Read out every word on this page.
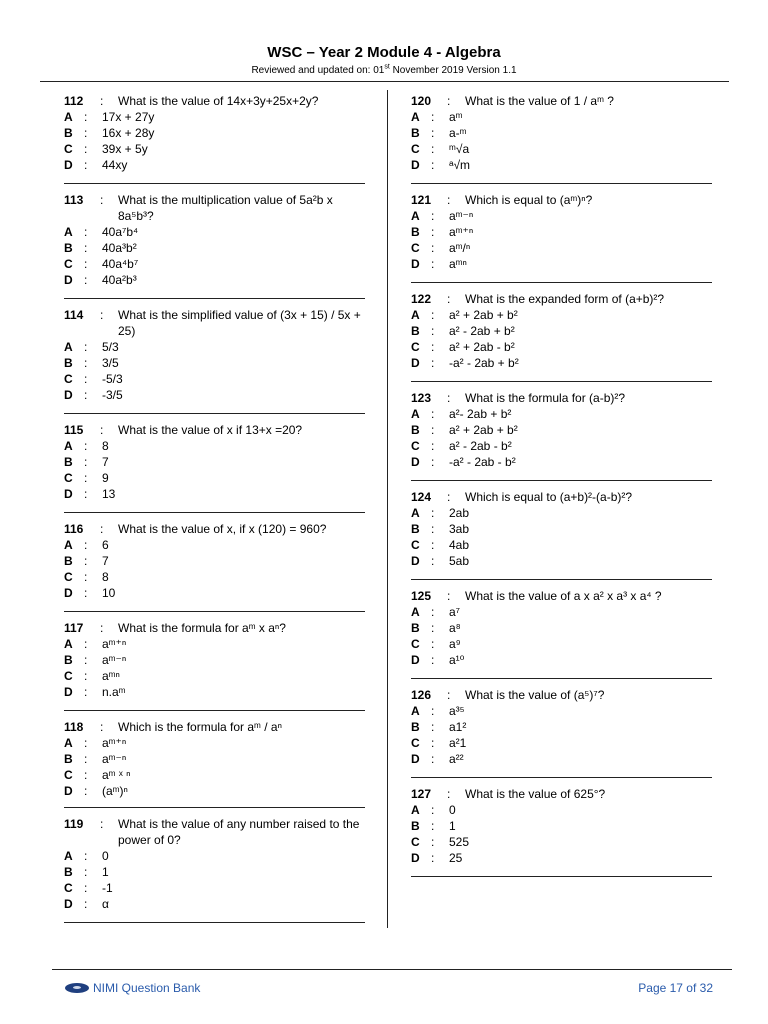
WSC – Year 2 Module 4 - Algebra
Reviewed and updated on: 01st November 2019 Version 1.1
112	:	What is the value of 14x+3y+25x+2y?
A :	17x + 27y
B :	16x + 28y
C :	39x + 5y
D :	44xy
113	:	What is the multiplication value of 5a²b x 8a⁵b³?
A :	40a⁷b⁴
B :	40a³b²
C :	40a⁴b⁷
D :	40a²b³
114	:	What is the simplified value of (3x + 15) / 5x + 25)
A :	5/3
B :	3/5
C :	-5/3
D :	-3/5
115	:	What is the value of x if 13+x =20?
A :	8
B :	7
C :	9
D :	13
116	:	What is the value of x, if x (120) = 960?
A :	6
B :	7
C :	8
D :	10
117	:	What is the formula for aᵐ x aⁿ?
A :	aᵐ⁺ⁿ
B :	aᵐ⁻ⁿ
C :	aᵐⁿ
D :	n.aᵐ
118	:	Which is the formula for aᵐ / aⁿ
A :	aᵐ⁺ⁿ
B :	aᵐ⁻ⁿ
C :	aᵐ ˣ ⁿ
D :	(aᵐ)ⁿ
119	:	What is the value of any number raised to the power of 0?
A :	0
B :	1
C :	-1
D :	α
120	:	What is the value of 1 / aᵐ ?
A :	aᵐ
B :	a-ᵐ
C :	ᵐ√a
D :	ᵃ√m
121	:	Which is equal to (aᵐ)ⁿ?
A :	aᵐ⁻ⁿ
B :	aᵐ⁺ⁿ
C :	aᵐ/ⁿ
D :	aᵐⁿ
122	:	What is the expanded form of (a+b)²?
A :	a² + 2ab + b²
B :	a² - 2ab + b²
C :	a² + 2ab - b²
D :	-a² - 2ab + b²
123	:	What is the formula for (a-b)²?
A :	a²- 2ab + b²
B :	a² + 2ab + b²
C :	a² - 2ab - b²
D :	-a² - 2ab - b²
124	:	Which is equal to (a+b)²-(a-b)²?
A :	2ab
B :	3ab
C :	4ab
D :	5ab
125	:	What is the value of a x a² x a³ x a⁴ ?
A :	a⁷
B :	a⁸
C :	a⁹
D :	a¹⁰
126	:	What is the value of (a⁵)⁷?
A :	a³⁵
B :	a1²
C :	a²1
D :	a²²
127	:	What is the value of 625°?
A :	0
B :	1
C :	525
D :	25
NIMI Question Bank	Page 17 of 32
